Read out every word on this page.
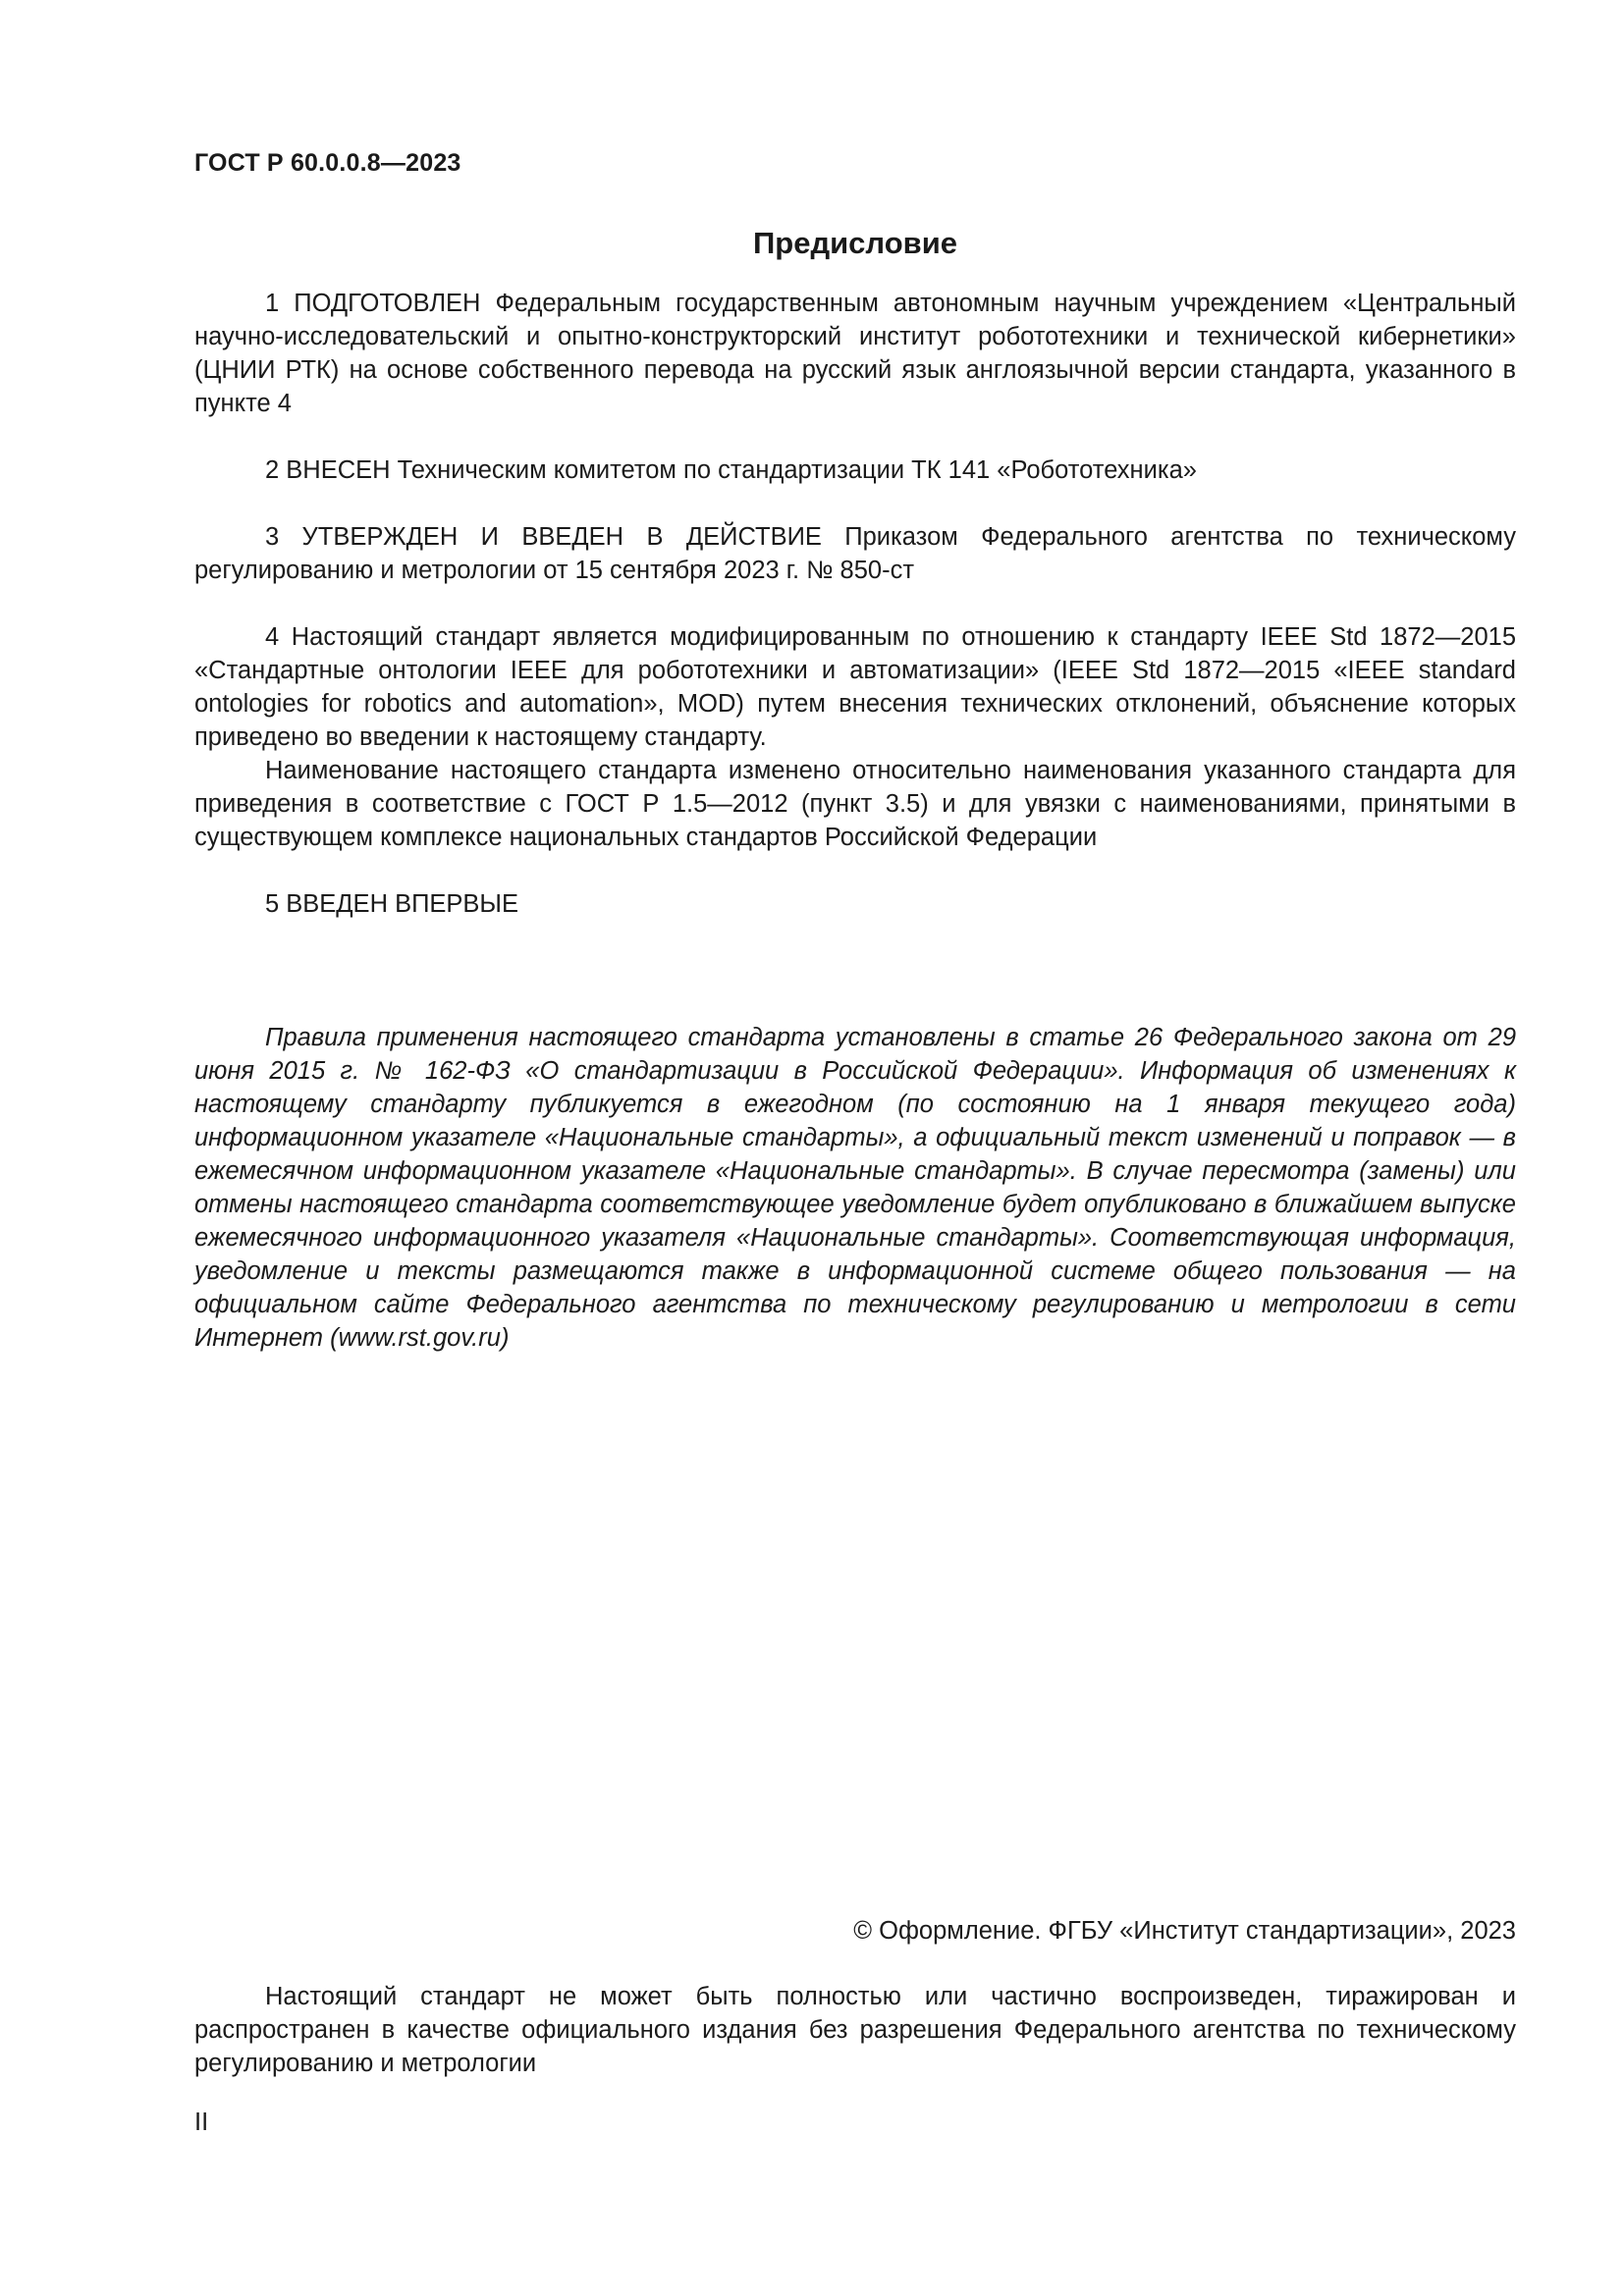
ГОСТ Р 60.0.0.8—2023
Предисловие

1 ПОДГОТОВЛЕН Федеральным государственным автономным научным учреждением «Центральный научно-исследовательский и опытно-конструкторский институт робототехники и технической кибернетики» (ЦНИИ РТК) на основе собственного перевода на русский язык англоязычной версии стандарта, указанного в пункте 4

2 ВНЕСЕН Техническим комитетом по стандартизации ТК 141 «Робототехника»

3 УТВЕРЖДЕН И ВВЕДЕН В ДЕЙСТВИЕ Приказом Федерального агентства по техническому регулированию и метрологии от 15 сентября 2023 г. № 850-ст

4 Настоящий стандарт является модифицированным по отношению к стандарту IEEE Std 1872—2015 «Стандартные онтологии IEEE для робототехники и автоматизации» (IEEE Std 1872—2015 «IEEE standard ontologies for robotics and automation», MOD) путем внесения технических отклонений, объяснение которых приведено во введении к настоящему стандарту.

Наименование настоящего стандарта изменено относительно наименования указанного стандарта для приведения в соответствие с ГОСТ Р 1.5—2012 (пункт 3.5) и для увязки с наименованиями, принятыми в существующем комплексе национальных стандартов Российской Федерации

5 ВВЕДЕН ВПЕРВЫЕ

Правила применения настоящего стандарта установлены в статье 26 Федерального закона от 29 июня 2015 г. № 162-ФЗ «О стандартизации в Российской Федерации». Информация об изменениях к настоящему стандарту публикуется в ежегодном (по состоянию на 1 января текущего года) информационном указателе «Национальные стандарты», а официальный текст изменений и поправок — в ежемесячном информационном указателе «Национальные стандарты». В случае пересмотра (замены) или отмены настоящего стандарта соответствующее уведомление будет опубликовано в ближайшем выпуске ежемесячного информационного указателя «Национальные стандарты». Соответствующая информация, уведомление и тексты размещаются также в информационной системе общего пользования — на официальном сайте Федерального агентства по техническому регулированию и метрологии в сети Интернет (www.rst.gov.ru)

© Оформление. ФГБУ «Институт стандартизации», 2023

Настоящий стандарт не может быть полностью или частично воспроизведен, тиражирован и распространен в качестве официального издания без разрешения Федерального агентства по техническому регулированию и метрологии

II
